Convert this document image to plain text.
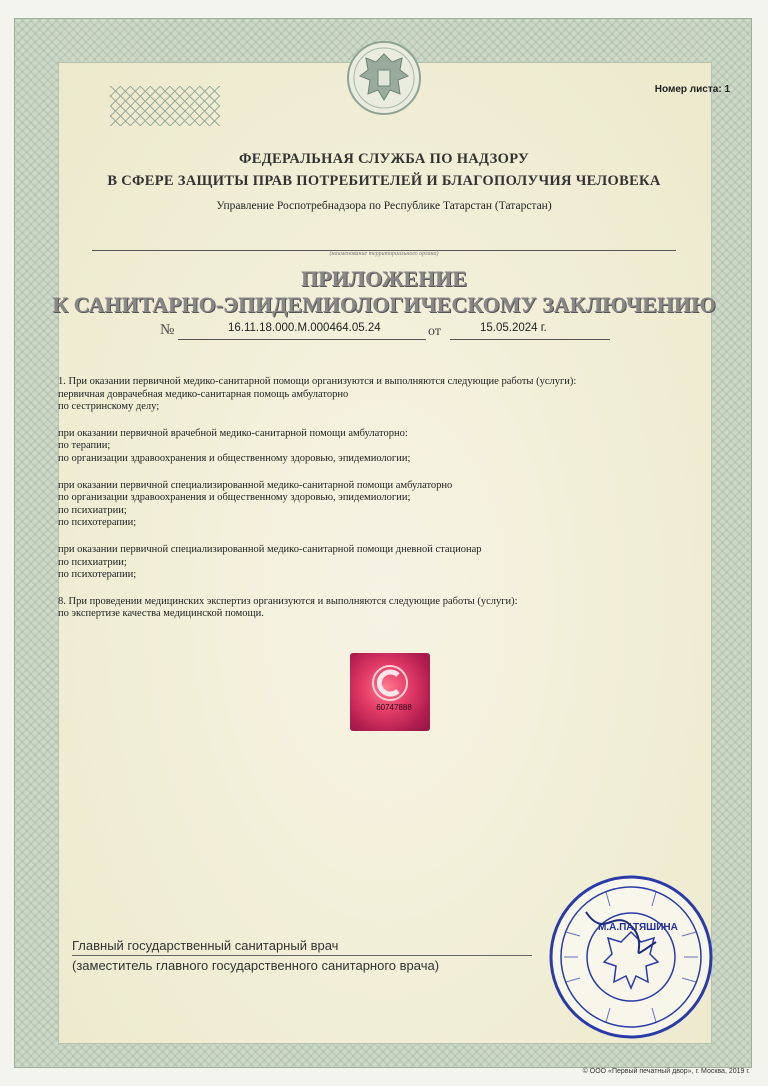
Номер листа: 1
ФЕДЕРАЛЬНАЯ СЛУЖБА ПО НАДЗОРУ
В СФЕРЕ ЗАЩИТЫ ПРАВ ПОТРЕБИТЕЛЕЙ И БЛАГОПОЛУЧИЯ ЧЕЛОВЕКА
Управление Роспотребнадзора по Республике Татарстан (Татарстан)
(наименование территориального органа)
ПРИЛОЖЕНИЕ
К САНИТАРНО-ЭПИДЕМИОЛОГИЧЕСКОМУ ЗАКЛЮЧЕНИЮ
№	16.11.18.000.М.000464.05.24	от	15.05.2024 г.

1. При оказании первичной медико-санитарной помощи организуются и выполняются следующие работы (услуги):

первичная доврачебная медико-санитарная помощь амбулаторно

по сестринскому делу;

при оказании первичной врачебной медико-санитарной помощи амбулаторно:

по терапии;

по организации здравоохранения и общественному здоровью, эпидемиологии;

при оказании первичной специализированной медико-санитарной помощи амбулаторно

по организации здравоохранения и общественному здоровью, эпидемиологии;

по психиатрии;

по психотерапии;

при оказании первичной специализированной медико-санитарной помощи дневной стационар

по психиатрии;

по психотерапии;

8. При проведении медицинских экспертиз организуются и выполняются следующие работы (услуги):

по экспертизе качества медицинской помощи.

60747888
Главный государственный санитарный врач
(заместитель главного государственного санитарного врача)
М.А.ПАТЯШИНА
© ООО «Первый печатный двор», г. Москва, 2019 г.
